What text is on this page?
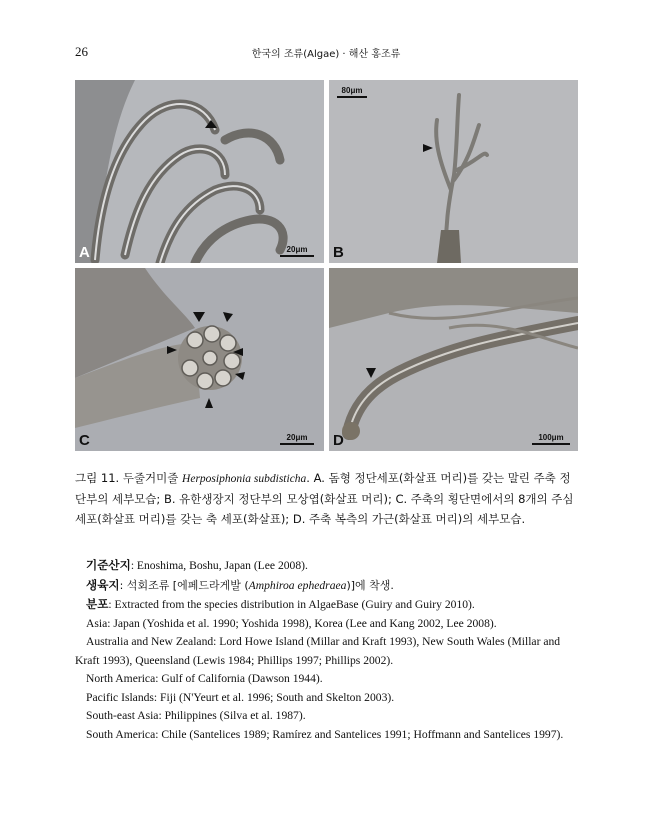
26	한국의 조류(Algae) · 해산 홍조류
A	20μm	B
80μm
C	20μm	D	100μm
그림 11. 두줄거미줄 Herposiphonia subdisticha. A. 돔형 정단세포(화살표 머리)를 갖는 말린 주축 정단부의 세부모습; B. 유한생장지 정단부의 모상엽(화살표 머리); C. 주축의 횡단면에서의 8개의 주심세포(화살표 머리)를 갖는 축 세포(화살표); D. 주축 복측의 가근(화살표 머리)의 세부모습.

기준산지: Enoshima, Boshu, Japan (Lee 2008).

생육지: 석회조류 [에페드라게발 (Amphiroa ephedraea)]에 착생.

분포: Extracted from the species distribution in AlgaeBase (Guiry and Guiry 2010).

Asia: Japan (Yoshida et al. 1990; Yoshida 1998), Korea (Lee and Kang 2002, Lee 2008).

Australia and New Zealand: Lord Howe Island (Millar and Kraft 1993), New South Wales (Millar and Kraft 1993), Queensland (Lewis 1984; Phillips 1997; Phillips 2002).

North America: Gulf of California (Dawson 1944).

Pacific Islands: Fiji (N'Yeurt et al. 1996; South and Skelton 2003).

South-east Asia: Philippines (Silva et al. 1987).

South America: Chile (Santelices 1989; Ramírez and Santelices 1991; Hoffmann and Santelices 1997).
